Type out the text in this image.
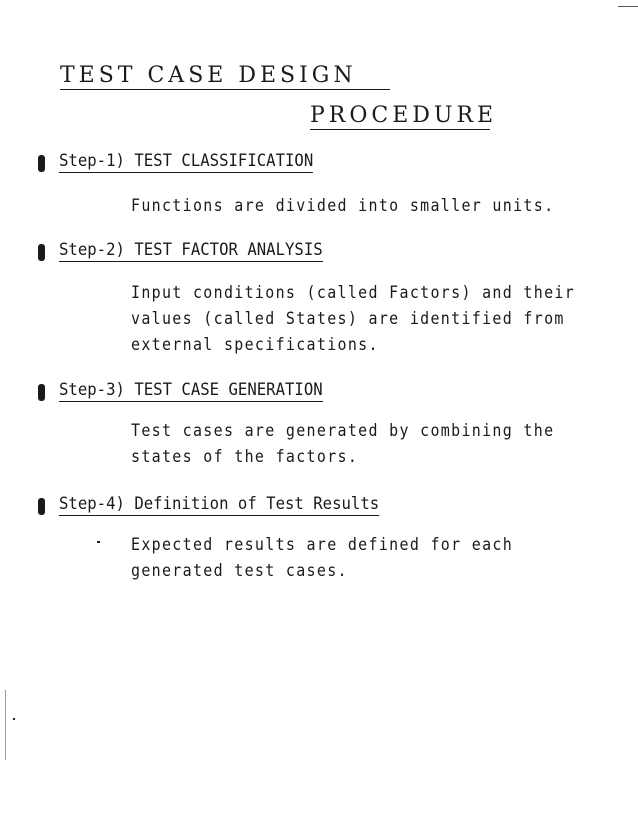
TEST CASE DESIGN
PROCEDURE
Step-1) TEST CLASSIFICATION
Functions are divided into smaller units.
Step-2) TEST FACTOR ANALYSIS
Input conditions (called Factors) and their
values (called States) are identified from
external specifications.
Step-3) TEST CASE GENERATION
Test cases are generated by combining the
states of the factors.
Step-4) Definition of Test Results
Expected results are defined for each
generated test cases.
